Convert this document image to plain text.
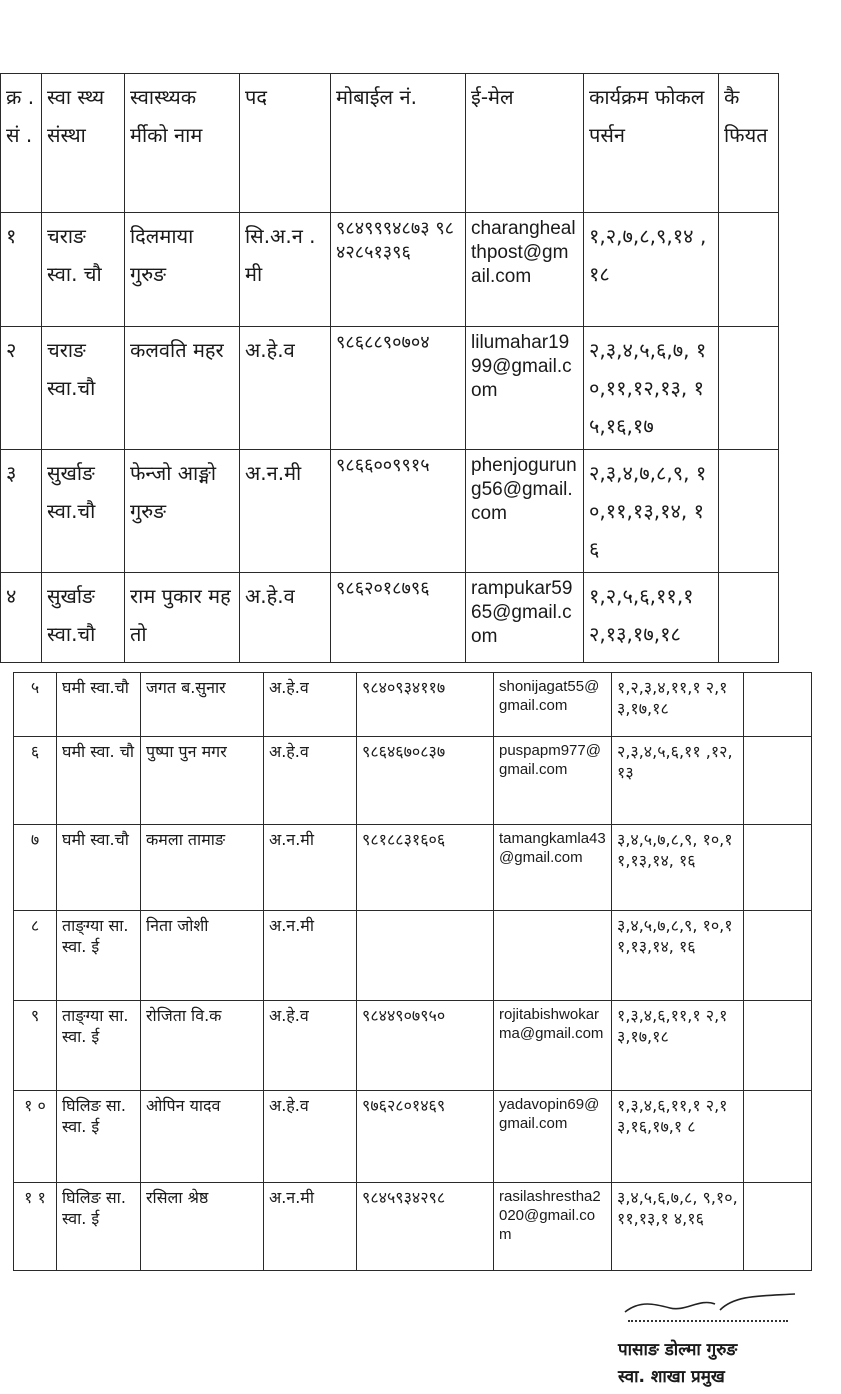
क्र . सं .	स्वा स्थ्य संस्था	स्वास्थ्यक र्मीको नाम	पद	मोबाईल नं.	ई-मेल	कार्यक्रम फोकल पर्सन	कै फियत
१	चराङ स्वा. चौ	दिलमाया गुरुङ	सि.अ.न .मी	९८४९९९४८७३ ९८४२८५१३९६	charanghealthpost@gmail.com	१,२,७,८,९,१४ ,१८	
२	चराङ स्वा.चौ	कलवति महर	अ.हे.व	९८६८८९०७०४	lilumahar1999@gmail.com	२,३,४,५,६,७, १०,११,१२,१३, १५,१६,१७	
३	सुर्खाङ स्वा.चौ	फेन्जो आङ्मो गुरुङ	अ.न.मी	९८६६००९९१५	phenjogurung56@gmail.com	२,३,४,७,८,९, १०,११,१३,१४, १६	
४	सुर्खाङ स्वा.चौ	राम पुकार महतो	अ.हे.व	९८६२०१८७९६	rampukar5965@gmail.com	१,२,५,६,११,१ २,१३,१७,१८	
५	घमी स्वा.चौ	जगत ब.सुनार	अ.हे.व	९८४०९३४११७	shonijagat55@gmail.com	१,२,३,४,११,१ २,१३,१७,१८	
६	घमी स्वा. चौ	पुष्पा पुन मगर	अ.हे.व	९८६४६७०८३७	puspapm977@gmail.com	२,३,४,५,६,११ ,१२,१३	
७	घमी स्वा.चौ	कमला तामाङ	अ.न.मी	९८१८८३१६०६	tamangkamla43@gmail.com	३,४,५,७,८,९, १०,११,१३,१४, १६	
८	ताङ्ग्या सा.स्वा. ई	निता जोशी	अ.न.मी			३,४,५,७,८,९, १०,११,१३,१४, १६	
९	ताङ्ग्या सा.स्वा. ई	रोजिता वि.क	अ.हे.व	९८४४९०७९५०	rojitabishwokarma@gmail.com	१,३,४,६,११,१ २,१३,१७,१८	
१ ०	घिलिङ सा.स्वा. ई	ओपिन यादव	अ.हे.व	९७६२८०१४६९	yadavopin69@gmail.com	१,३,४,६,११,१ २,१३,१६,१७,१ ८	
१ १	घिलिङ सा.स्वा. ई	रसिला श्रेष्ठ	अ.न.मी	९८४५९३४२९८	rasilashrestha2020@gmail.com	३,४,५,६,७,८, ९,१०,११,१३,१ ४,१६	
पासाङ डोल्मा गुरुङ
स्वा. शाखा प्रमुख
